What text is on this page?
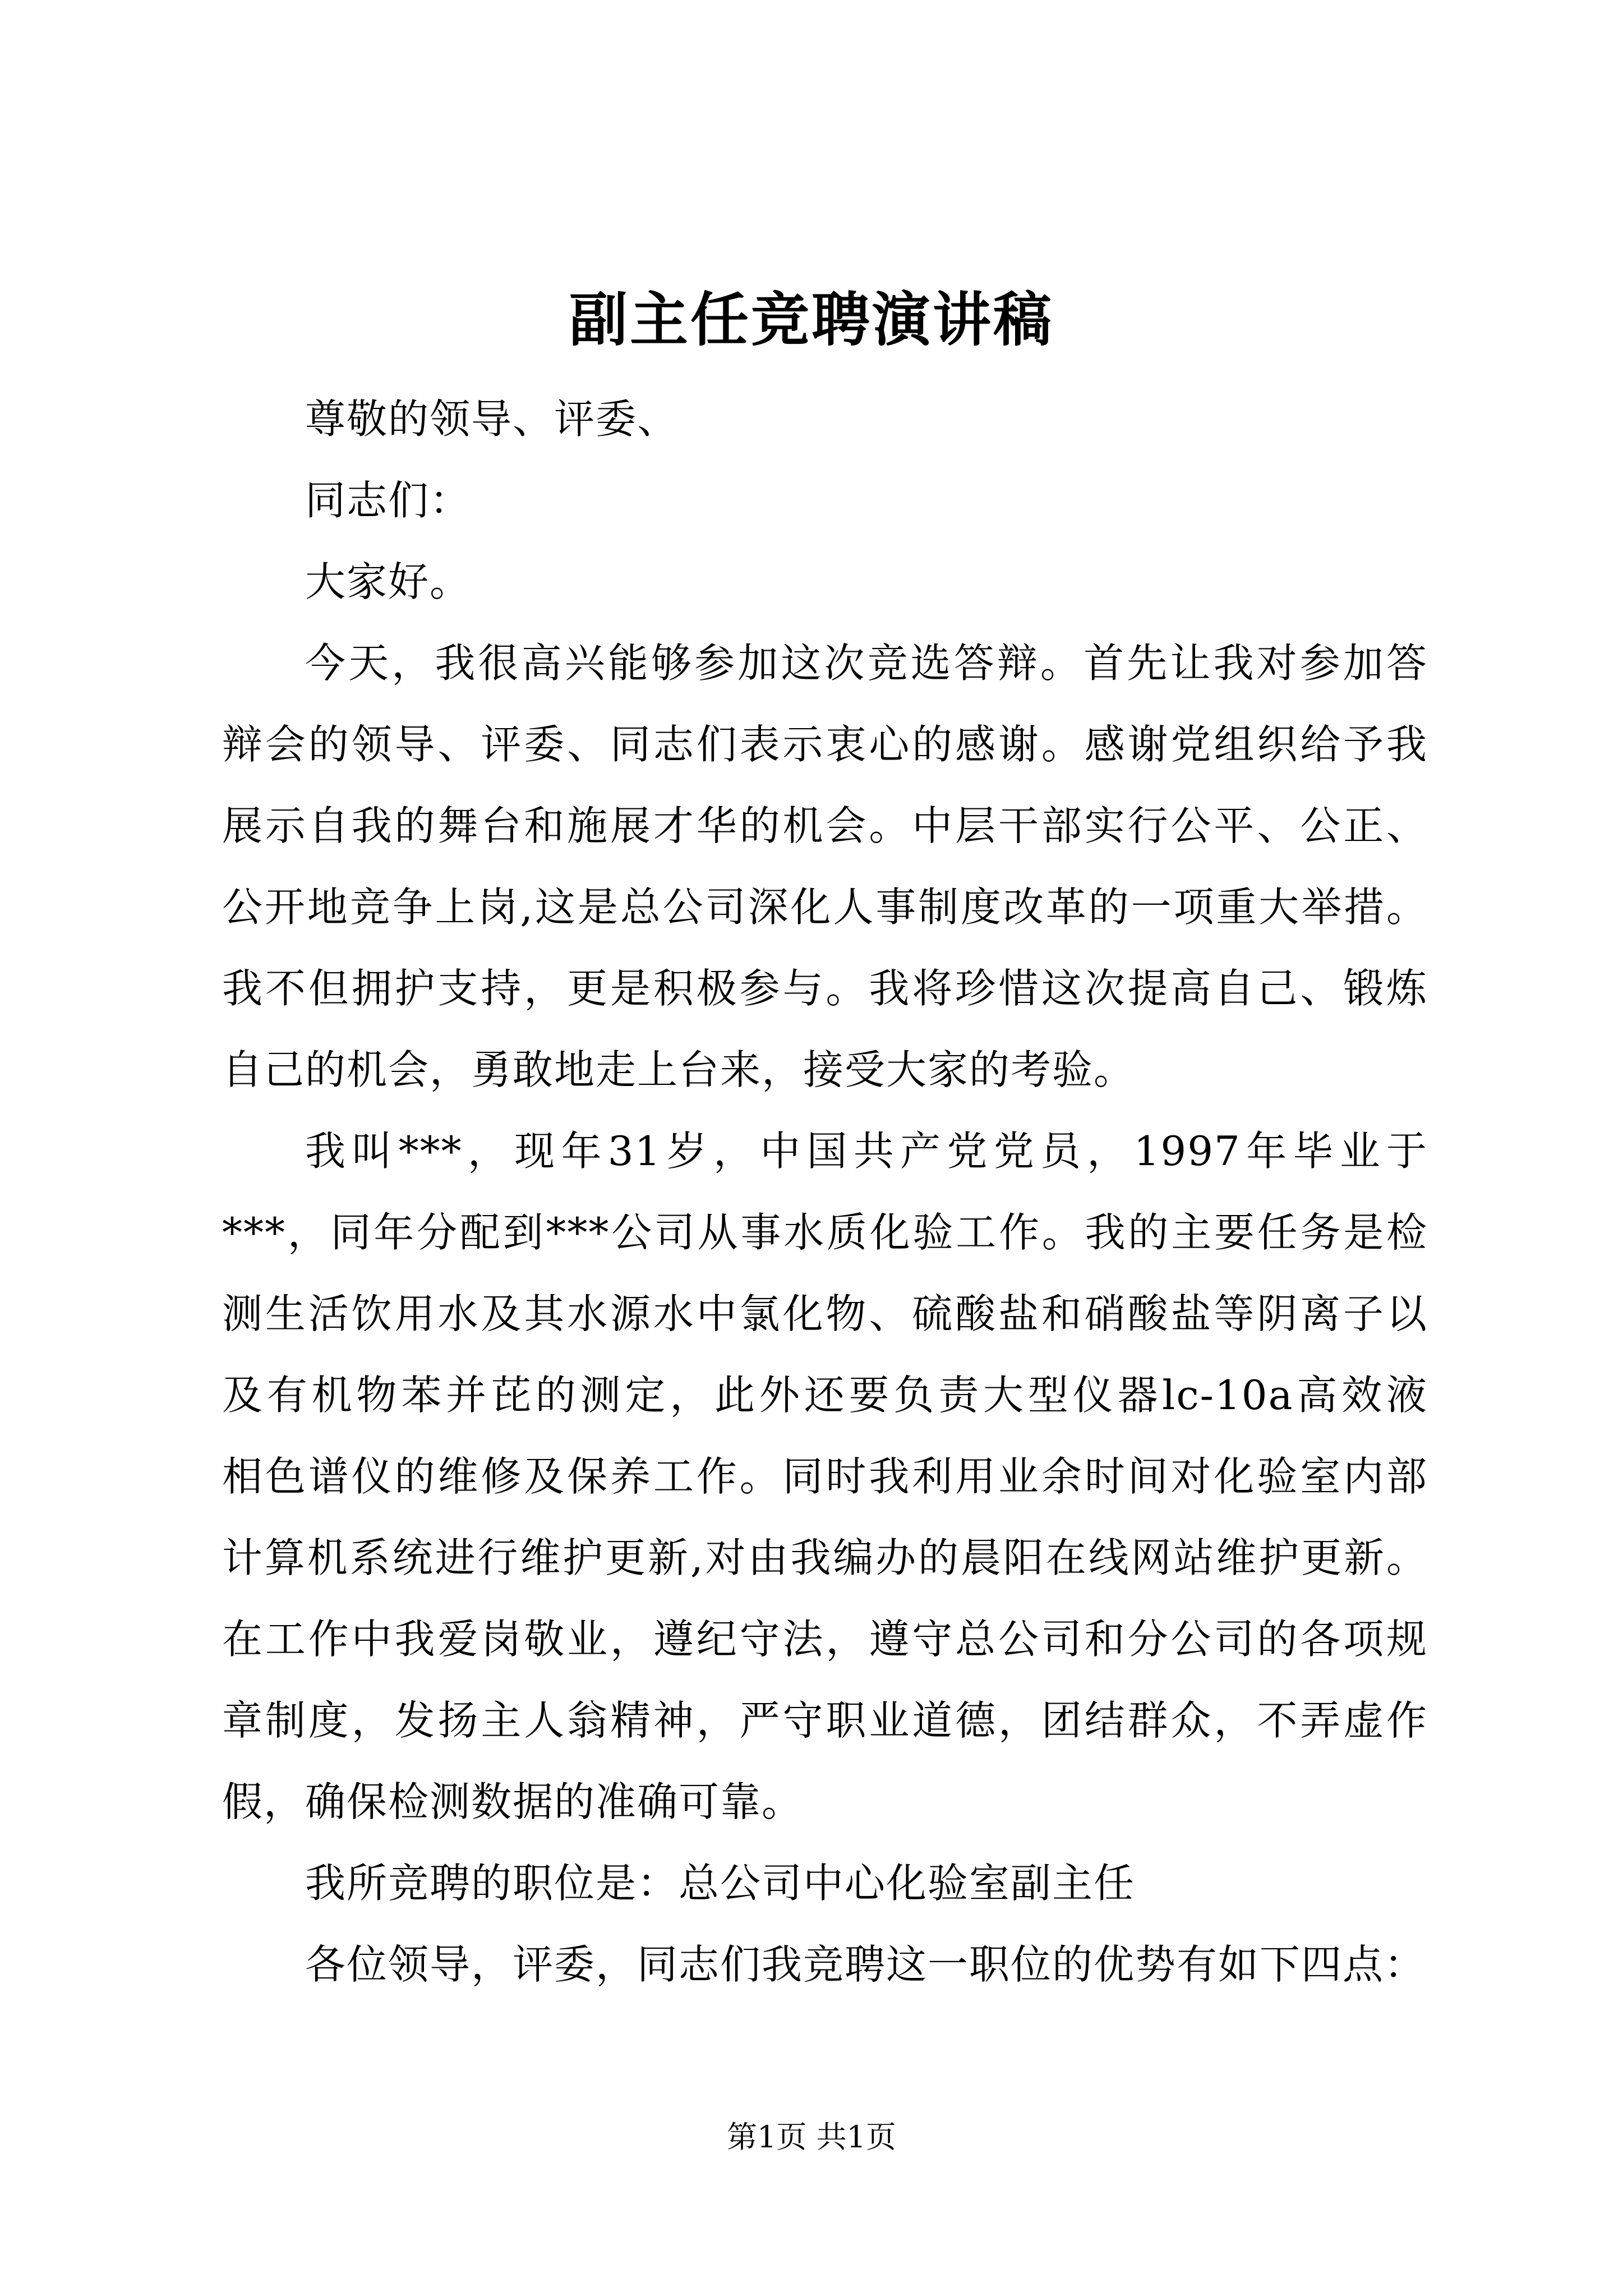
副主任竞聘演讲稿
尊敬的领导、评委、
同志们：
大家好。
今天，我很高兴能够参加这次竞选答辩。首先让我对参加答
辩会的领导、评委、同志们表示衷心的感谢。感谢党组织给予我
展示自我的舞台和施展才华的机会。中层干部实行公平、公正、
公开地竞争上岗,这是总公司深化人事制度改革的一项重大举措。
我不但拥护支持，更是积极参与。我将珍惜这次提高自己、锻炼
自己的机会，勇敢地走上台来，接受大家的考验。
我叫***，现年31岁，中国共产党党员，1997年毕业于
***，同年分配到***公司从事水质化验工作。我的主要任务是检
测生活饮用水及其水源水中氯化物、硫酸盐和硝酸盐等阴离子以
及有机物苯并芘的测定，此外还要负责大型仪器lc-10a高效液
相色谱仪的维修及保养工作。同时我利用业余时间对化验室内部
计算机系统进行维护更新,对由我编办的晨阳在线网站维护更新。
在工作中我爱岗敬业，遵纪守法，遵守总公司和分公司的各项规
章制度，发扬主人翁精神，严守职业道德，团结群众，不弄虚作
假，确保检测数据的准确可靠。
我所竞聘的职位是：总公司中心化验室副主任
各位领导，评委，同志们我竞聘这一职位的优势有如下四点：
第1页 共1页
